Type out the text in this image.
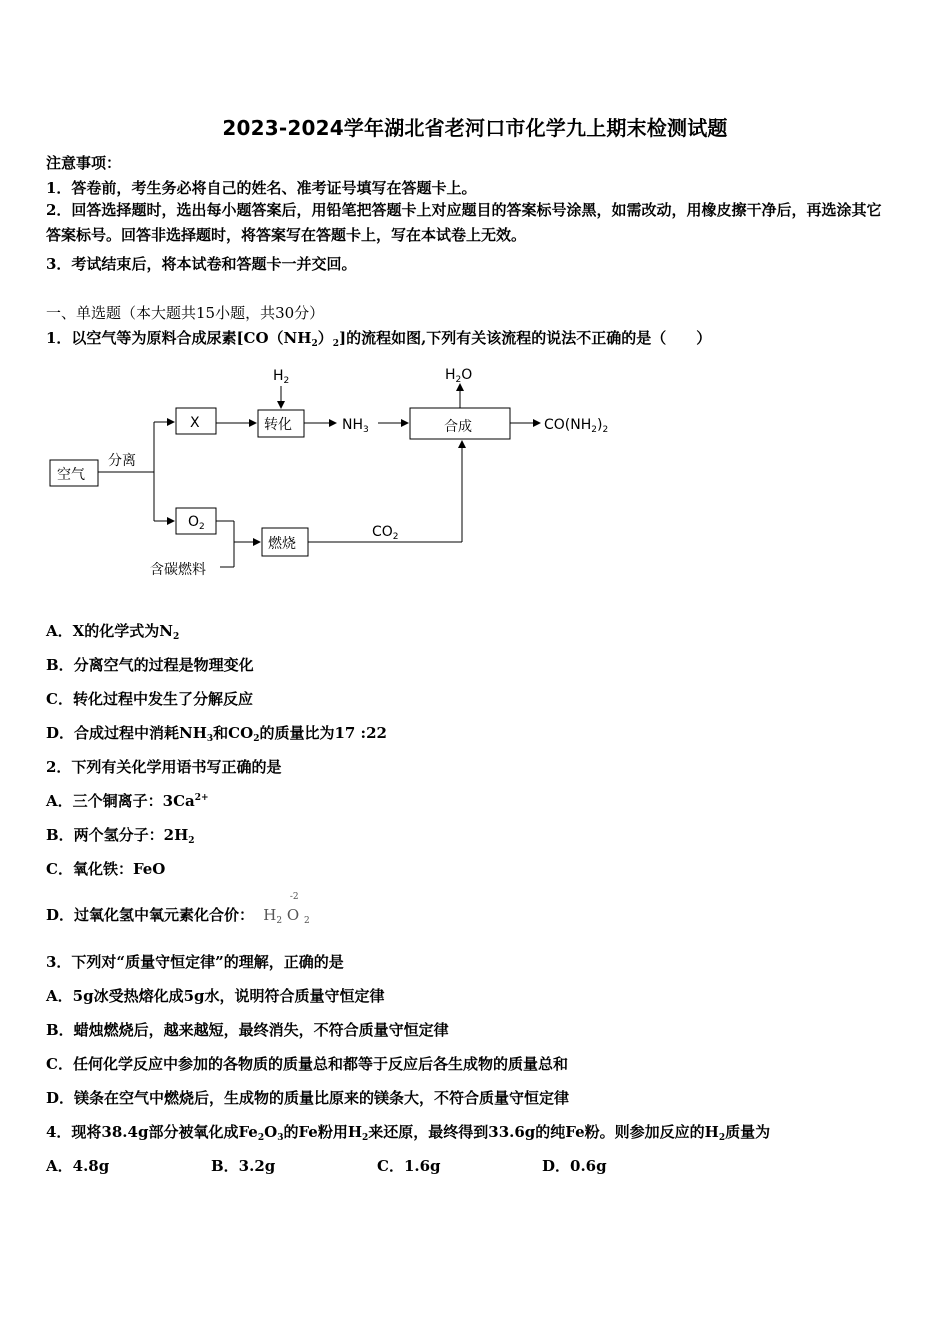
2023-2024学年湖北省老河口市化学九上期末检测试题
注意事项：
1．答卷前，考生务必将自己的姓名、准考证号填写在答题卡上。
2．回答选择题时，选出每小题答案后，用铅笔把答题卡上对应题目的答案标号涂黑，如需改动，用橡皮擦干净后，再选涂其它答案标号。回答非选择题时，将答案写在答题卡上，写在本试卷上无效。
3．考试结束后，将本试卷和答题卡一并交回。
一、单选题（本大题共15小题，共30分）
1．以空气等为原料合成尿素$[CO(NH_2)_2]$的流程如图,下列有关该流程的说法不正确的是（　　）
空气
分离
X	转化	合成
$O_2$
燃烧
含碳燃料
$H_2$
$NH_3$
$H_2O$
$CO(NH_2)_2$
$CO_2$
A．X的化学式为$N_2$
B．分离空气的过程是物理变化
C．转化过程中发生了分解反应
D．合成过程中消耗$NH_3$和$CO_2$的质量比为17 :22
2．下列有关化学用语书写正确的是
A．三个铜离子：$3Ca^{2+}$
B．两个氢分子：$2H_2$
C．氧化铁：FeO
D．过氧化氢中氧元素化合价： $H_2$
-2
O $_2$
3．下列对“质量守恒定律”的理解，正确的是
A．5g冰受热熔化成5g水，说明符合质量守恒定律
B．蜡烛燃烧后，越来越短，最终消失，不符合质量守恒定律
C．任何化学反应中参加的各物质的质量总和都等于反应后各生成物的质量总和
D．镁条在空气中燃烧后，生成物的质量比原来的镁条大，不符合质量守恒定律
4．现将38.4g部分被氧化成$Fe_2O_3$的Fe粉用$H_2$来还原，最终得到33.6g的纯Fe粉。则参加反应的$H_2$质量为
A．4.8g	B．3.2g	C．1.6g	D．0.6g
